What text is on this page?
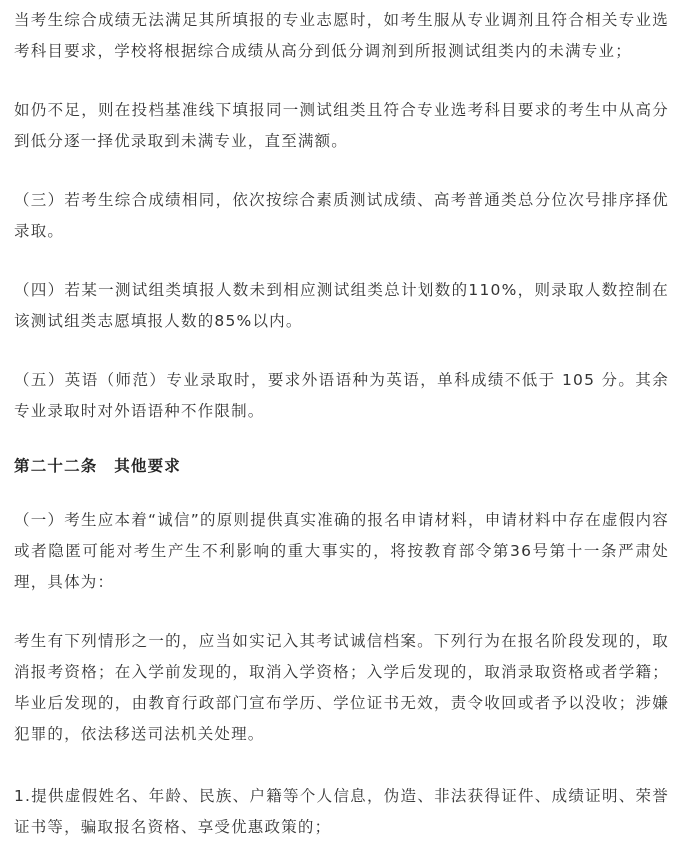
当考生综合成绩无法满足其所填报的专业志愿时，如考生服从专业调剂且符合相关专业选考科目要求，学校将根据综合成绩从高分到低分调剂到所报测试组类内的未满专业；

如仍不足，则在投档基准线下填报同一测试组类且符合专业选考科目要求的考生中从高分到低分逐一择优录取到未满专业，直至满额。

（三）若考生综合成绩相同，依次按综合素质测试成绩、高考普通类总分位次号排序择优录取。

（四）若某一测试组类填报人数未到相应测试组类总计划数的110%，则录取人数控制在该测试组类志愿填报人数的85%以内。

（五）英语（师范）专业录取时，要求外语语种为英语，单科成绩不低于 105 分。其余专业录取时对外语语种不作限制。

第二十二条　其他要求

（一）考生应本着“诚信”的原则提供真实准确的报名申请材料，申请材料中存在虚假内容或者隐匿可能对考生产生不利影响的重大事实的，将按教育部令第36号第十一条严肃处理，具体为：

考生有下列情形之一的，应当如实记入其考试诚信档案。下列行为在报名阶段发现的，取消报考资格；在入学前发现的，取消入学资格；入学后发现的，取消录取资格或者学籍；毕业后发现的，由教育行政部门宣布学历、学位证书无效，责令收回或者予以没收；涉嫌犯罪的，依法移送司法机关处理。

1.提供虚假姓名、年龄、民族、户籍等个人信息，伪造、非法获得证件、成绩证明、荣誉证书等，骗取报名资格、享受优惠政策的；
